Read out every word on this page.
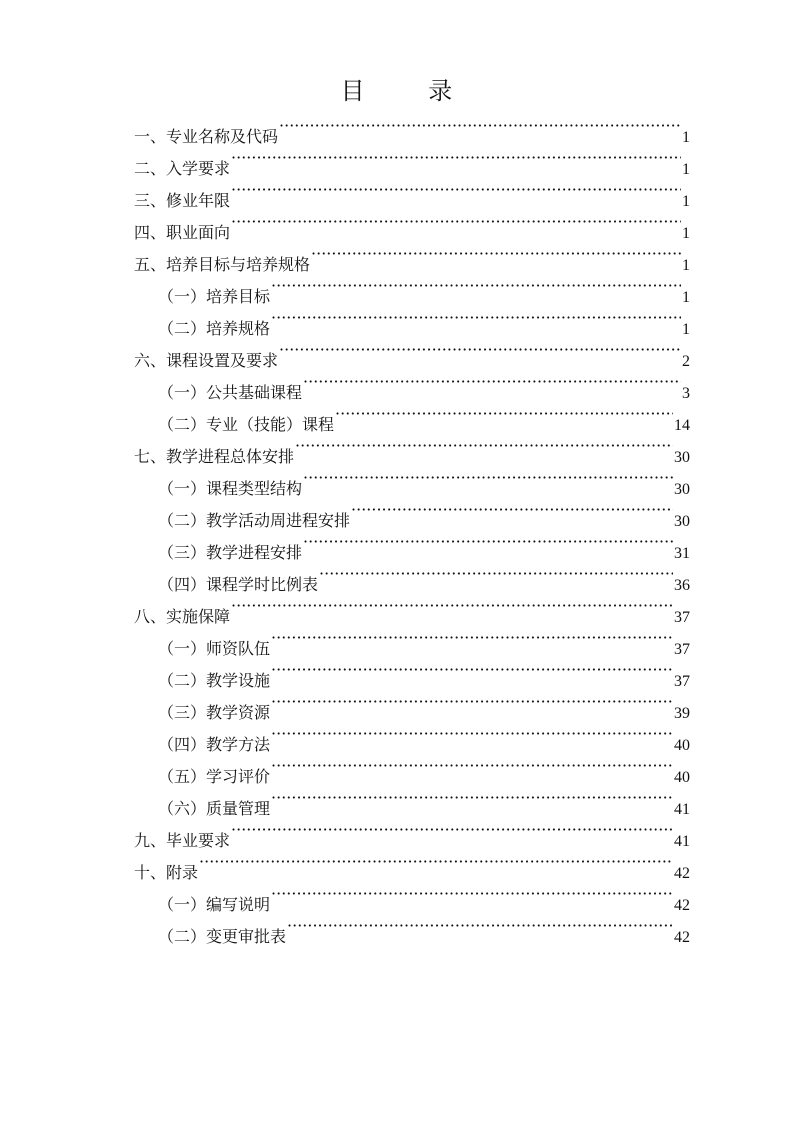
目 录
一、专业名称及代码 ·····	1
二、入学要求 ·····	1
三、修业年限 ·····	1
四、职业面向 ·····	1
五、培养目标与培养规格 ·····	1
（一）培养目标 ·····	1
（二）培养规格 ·····	1
六、课程设置及要求 ·····	2
（一）公共基础课程 ·····	3
（二）专业（技能）课程 ·····	14
七、教学进程总体安排 ·····	30
（一）课程类型结构 ·····	30
（二）教学活动周进程安排 ·····	30
（三）教学进程安排 ·····	31
（四）课程学时比例表 ·····	36
八、实施保障 ·····	37
（一）师资队伍 ·····	37
（二）教学设施 ·····	37
（三）教学资源 ·····	39
（四）教学方法 ·····	40
（五）学习评价 ·····	40
（六）质量管理 ·····	41
九、毕业要求 ·····	41
十、附录 ·····	42
（一）编写说明 ·····	42
（二）变更审批表 ·····	42
